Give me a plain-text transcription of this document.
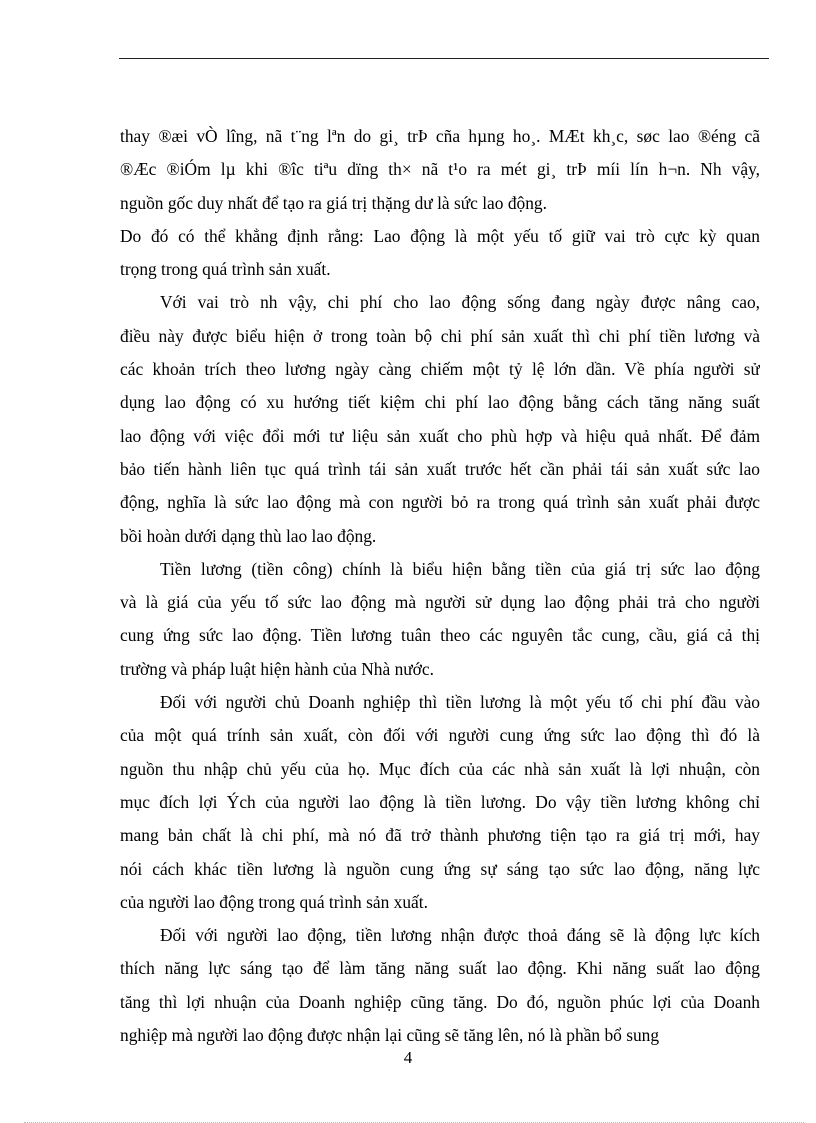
thay ®æi vÒ lîng, nã t¨ng lªn do gi¸ trÞ cña hµng ho¸. MÆt kh¸c, søc lao ®éng cã
®Æc ®iÓm lµ khi ®îc tiªu dïng th× nã t¹o ra mét gi¸ trÞ míi lín h¬n. Nh vậy,
nguồn gốc duy nhất để tạo ra giá trị thặng dư là sức lao động.
Do đó có thể khẳng định rằng: Lao động là một yếu tố giữ vai trò cực kỳ quan
trọng trong quá trình sản xuất.
Với vai trò nh vậy, chi phí cho lao động sống đang ngày được nâng cao,
điều này được biểu hiện ở trong toàn bộ chi phí sản xuất thì chi phí tiền lương và
các khoản trích theo lương ngày càng chiếm một tỷ lệ lớn dần. Về phía người sử
dụng lao động có xu hướng tiết kiệm chi phí lao động bằng cách tăng năng suất
lao động với việc đổi mới tư liệu sản xuất cho phù hợp và hiệu quả nhất. Để đảm
bảo tiến hành liên tục quá trình tái sản xuất trước hết cần phải tái sản xuất sức lao
động, nghĩa là sức lao động mà con người bỏ ra trong quá trình sản xuất phải được
bồi hoàn dưới dạng thù lao lao động.
Tiền lương (tiền công) chính là biểu hiện bằng tiền của giá trị sức lao động
và là giá của yếu tố sức lao động mà người sử dụng lao động phải trả cho người
cung ứng sức lao động. Tiền lương tuân theo các nguyên tắc cung, cầu, giá cả thị
trường và pháp luật hiện hành của Nhà nước.
Đối với người chủ Doanh nghiệp thì tiền lương là một yếu tố chi phí đầu vào
của một quá trính sản xuất, còn đối với người cung ứng sức lao động thì đó là
nguồn thu nhập chủ yếu của họ. Mục đích của các nhà sản xuất là lợi nhuận, còn
mục đích lợi Ých của người lao động là tiền lương. Do vậy tiền lương không chỉ
mang bản chất là chi phí, mà nó đã trở thành phương tiện tạo ra giá trị mới, hay
nói cách khác tiền lương là nguồn cung ứng sự sáng tạo sức lao động, năng lực
của người lao động trong quá trình sản xuất.
Đối với người lao động, tiền lương nhận được thoả đáng sẽ là động lực kích
thích năng lực sáng tạo để làm tăng năng suất lao động. Khi năng suất lao động
tăng thì lợi nhuận của Doanh nghiệp cũng tăng. Do đó, nguồn phúc lợi của Doanh
nghiệp mà người lao động được nhận lại cũng sẽ tăng lên, nó là phần bổ sung
4
